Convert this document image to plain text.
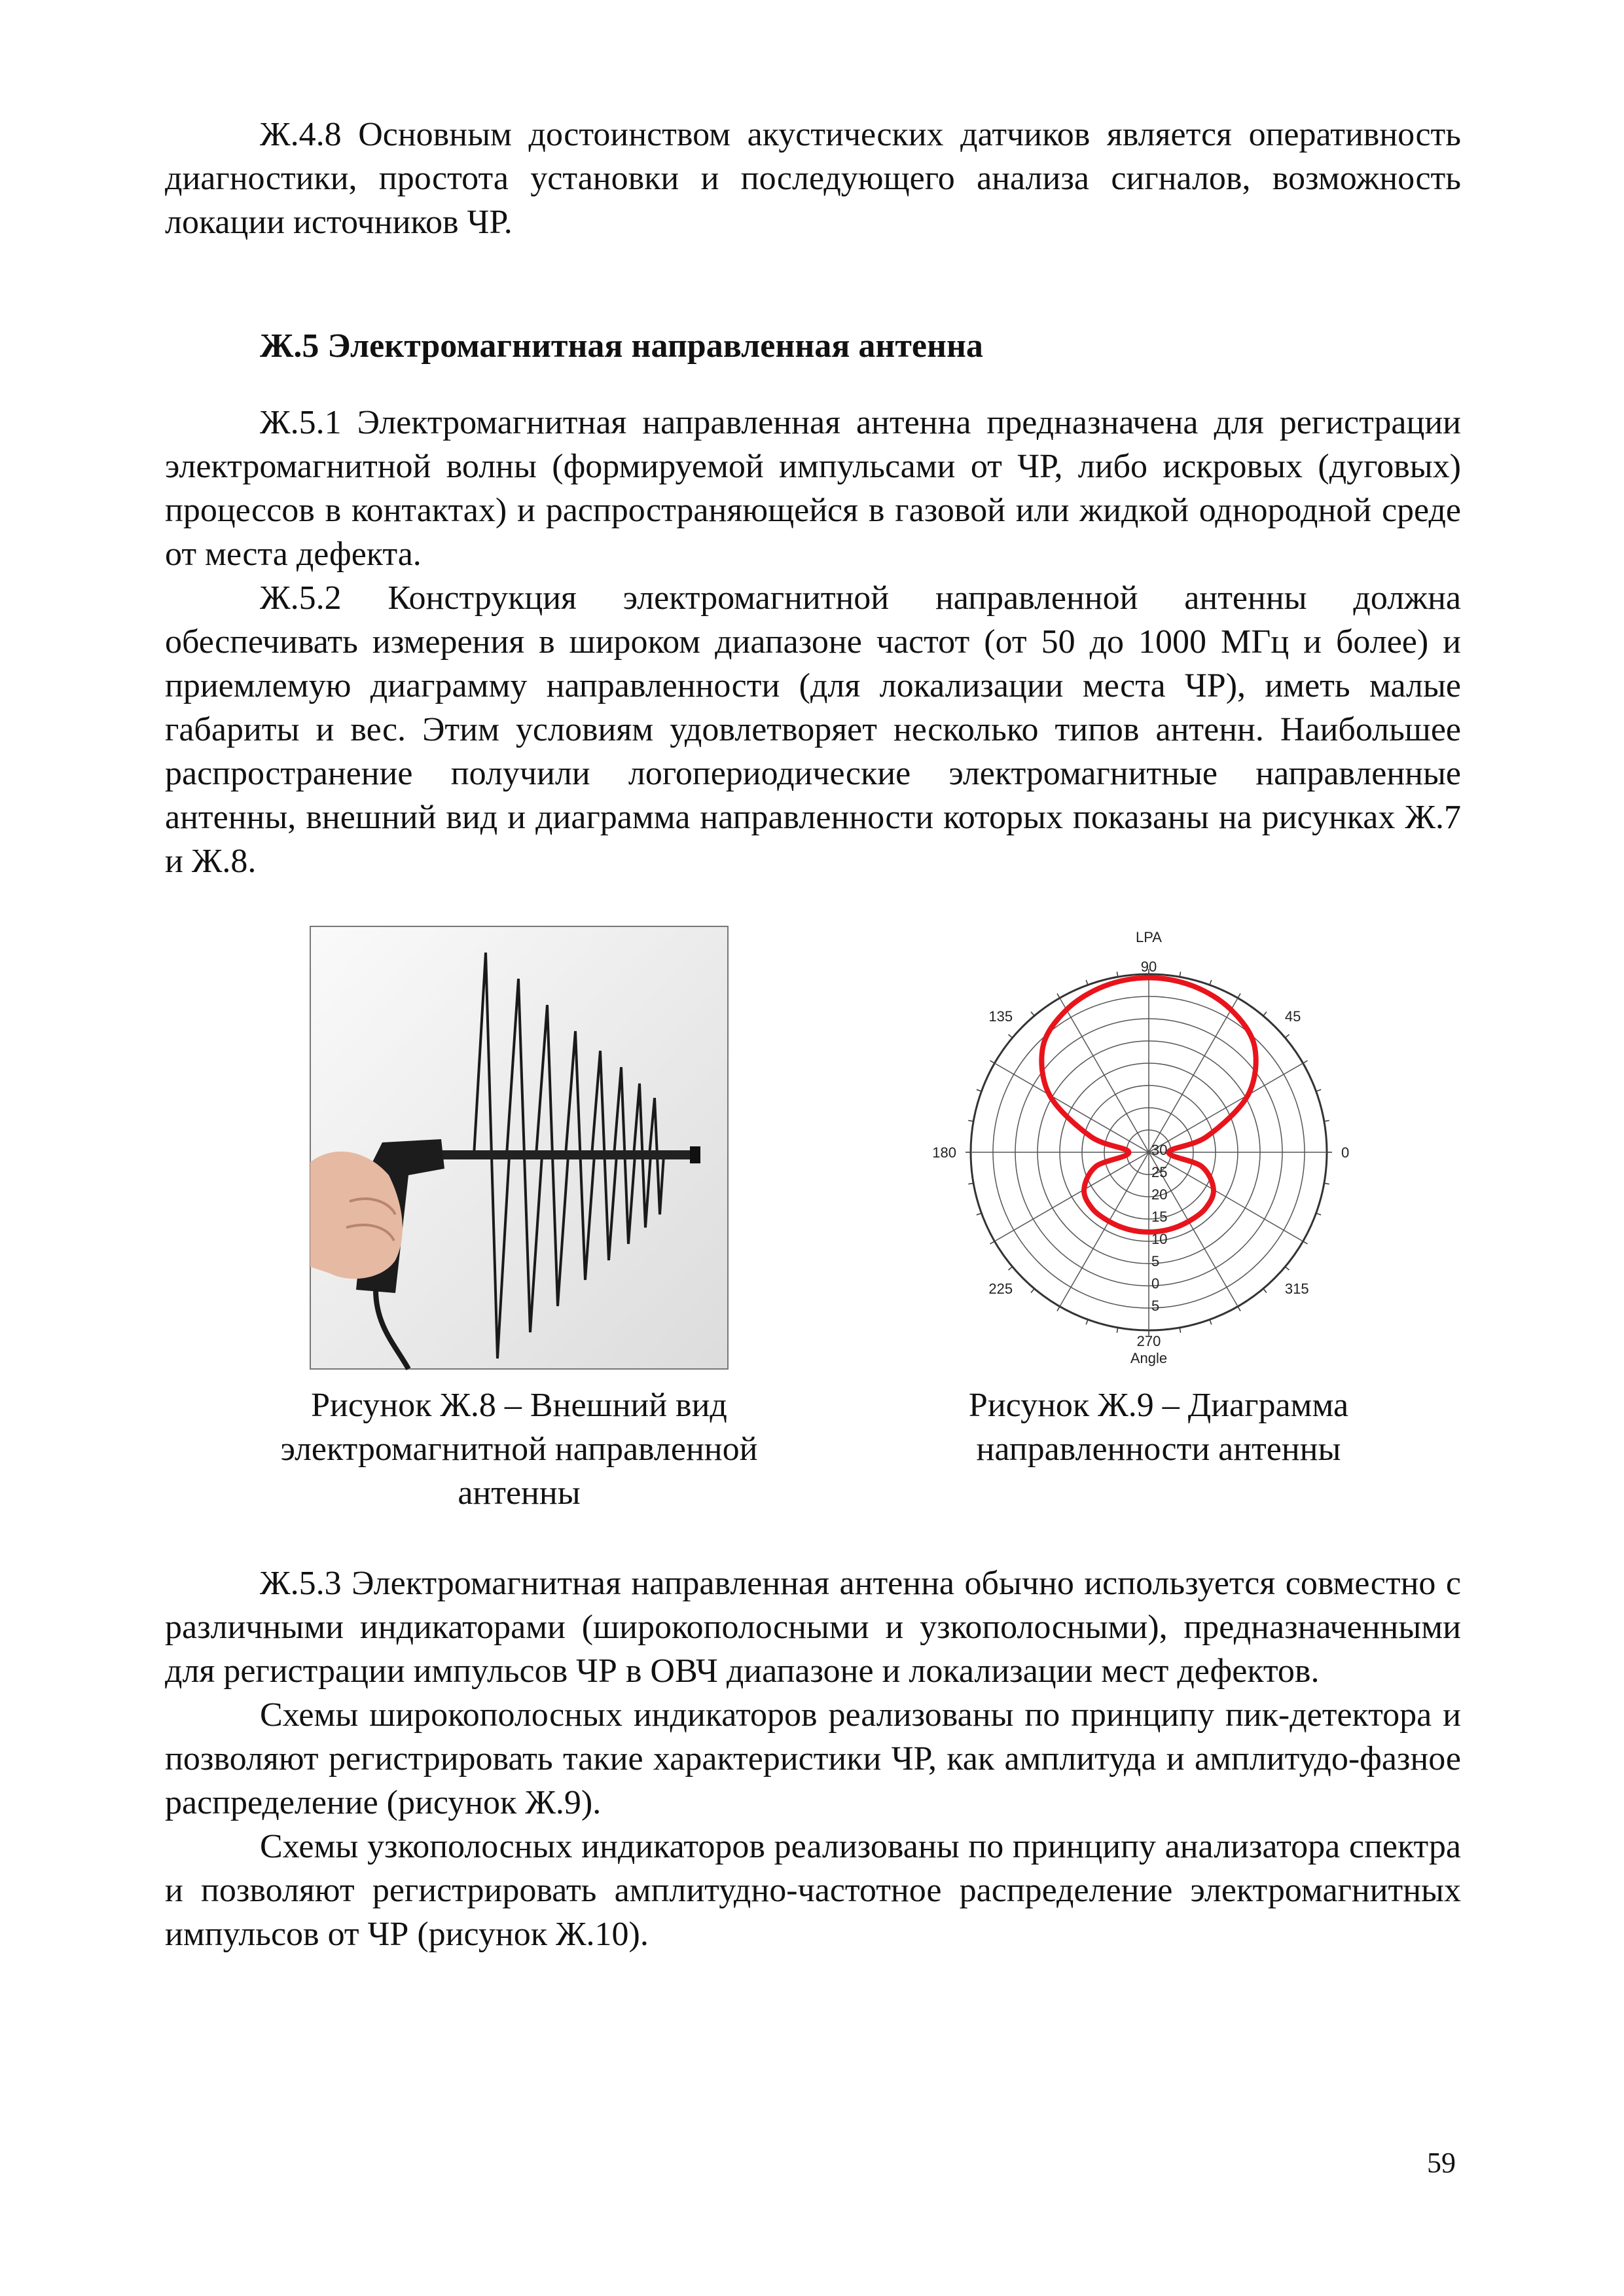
Ж.4.8 Основным достоинством акустических датчиков является оперативность диагностики, простота установки и последующего анализа сигналов, возможность локации источников ЧР.

Ж.5 Электромагнитная направленная антенна

Ж.5.1 Электромагнитная направленная антенна предназначена для регистрации электромагнитной волны (формируемой импульсами от ЧР, либо искровых (дуговых) процессов в контактах) и распространяющейся в газовой или жидкой однородной среде от места дефекта.

Ж.5.2 Конструкция электромагнитной направленной антенны должна обеспечивать измерения в широком диапазоне частот (от 50 до 1000 МГц и более) и приемлемую диаграмму направленности (для локализации места ЧР), иметь малые габариты и вес. Этим условиям удовлетворяет несколько типов антенн. Наибольшее распространение получили логопериодические электромагнитные направленные антенны, внешний вид и диаграмма направленности которых показаны на рисунках Ж.7 и Ж.8.

Рисунок Ж.8 – Внешний вид электромагнитной направленной антенны

LPA
90
45
0
315
270
225
180
135
30
25
20
15
10
5
0
5
Angle

Рисунок Ж.9 – Диаграмма направленности антенны

Ж.5.3 Электромагнитная направленная антенна обычно используется совместно с различными индикаторами (широкополосными и узкополосными), предназначенными для регистрации импульсов ЧР в ОВЧ диапазоне и локализации мест дефектов.

Схемы широкополосных индикаторов реализованы по принципу пик-детектора и позволяют регистрировать такие характеристики ЧР, как амплитуда и амплитудо-фазное распределение (рисунок Ж.9).

Схемы узкополосных индикаторов реализованы по принципу анализатора спектра и позволяют регистрировать амплитудно-частотное распределение электромагнитных импульсов от ЧР (рисунок Ж.10).

59
